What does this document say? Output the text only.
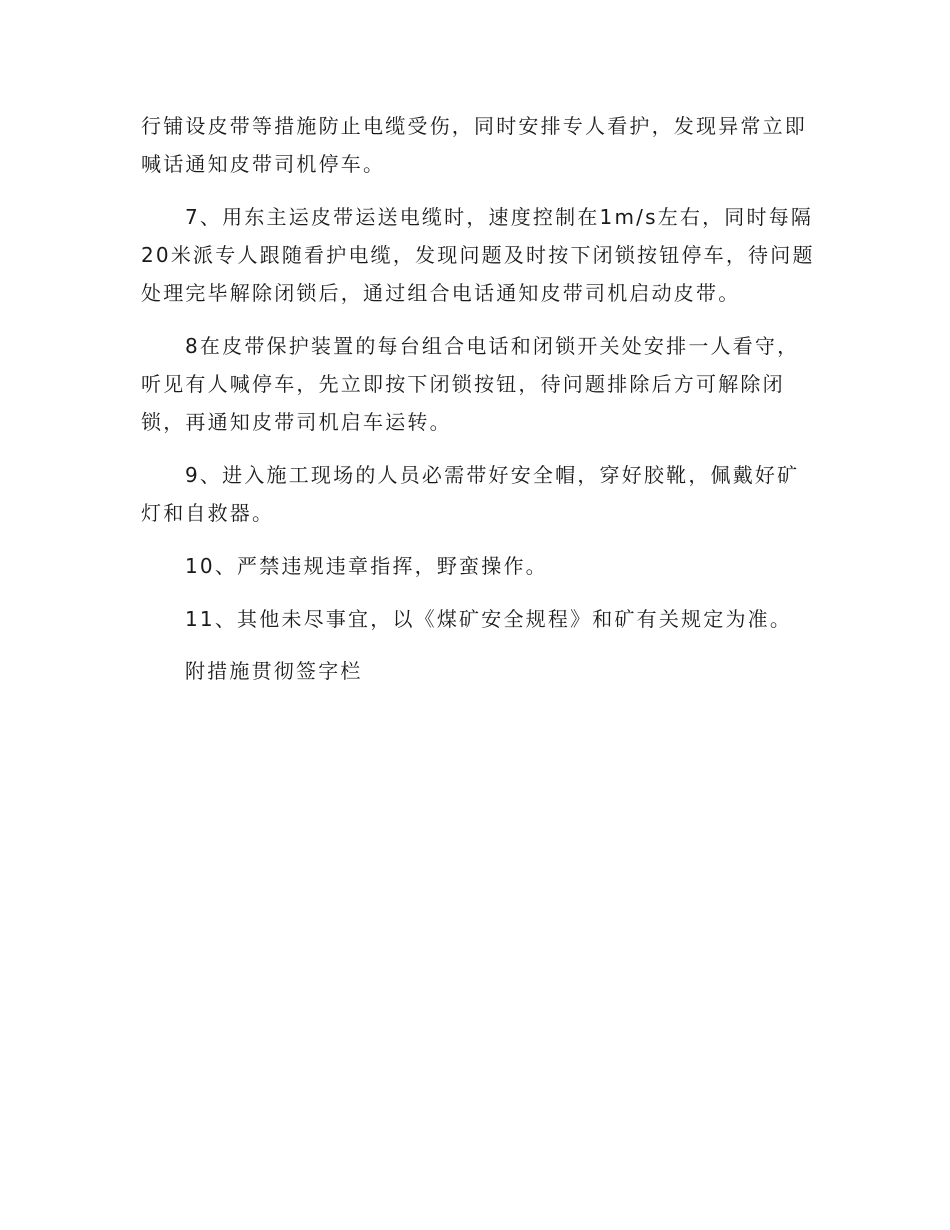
行铺设皮带等措施防止电缆受伤，同时安排专人看护，发现异常立即喊话通知皮带司机停车。

7、用东主运皮带运送电缆时，速度控制在1m/s左右，同时每隔20米派专人跟随看护电缆，发现问题及时按下闭锁按钮停车，待问题处理完毕解除闭锁后，通过组合电话通知皮带司机启动皮带。

8在皮带保护装置的每台组合电话和闭锁开关处安排一人看守，听见有人喊停车，先立即按下闭锁按钮，待问题排除后方可解除闭锁，再通知皮带司机启车运转。

9、进入施工现场的人员必需带好安全帽，穿好胶靴，佩戴好矿灯和自救器。

10、严禁违规违章指挥，野蛮操作。

11、其他未尽事宜，以《煤矿安全规程》和矿有关规定为准。

附措施贯彻签字栏
